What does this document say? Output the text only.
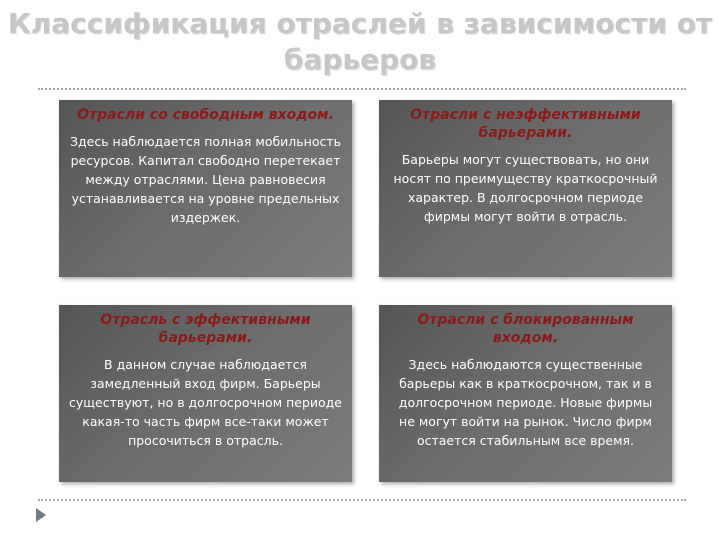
Классификация отраслей в зависимости от барьеров

Отрасли со свободным входом.

Здесь наблюдается полная мобильность ресурсов. Капитал свободно перетекает между отраслями. Цена равновесия устанавливается на уровне предельных издержек.

Отрасли с неэффективными барьерами.

Барьеры могут существовать, но они носят по преимуществу краткосрочный характер. В долгосрочном периоде фирмы могут войти в отрасль.

Отрасль с эффективными барьерами.

В данном случае наблюдается замедленный вход фирм. Барьеры существуют, но в долгосрочном периоде какая-то часть фирм все-таки может просочиться в отрасль.

Отрасли с блокированным входом.

Здесь наблюдаются существенные барьеры как в краткосрочном, так и в долгосрочном периоде. Новые фирмы не могут войти на рынок. Число фирм остается стабильным все время.
